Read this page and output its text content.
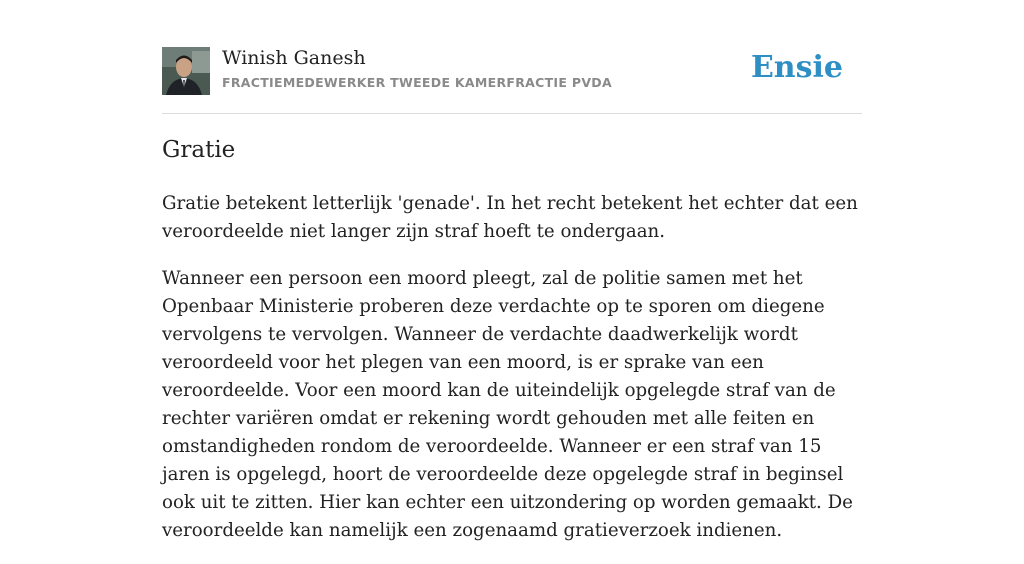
Winish Ganesh
FRACTIEMEDEWERKER TWEEDE KAMERFRACTIE PVDA	Ensie
Gratie

Gratie betekent letterlijk 'genade'. In het recht betekent het echter dat een veroordeelde niet langer zijn straf hoeft te ondergaan.

Wanneer een persoon een moord pleegt, zal de politie samen met het Openbaar Ministerie proberen deze verdachte op te sporen om diegene vervolgens te vervolgen. Wanneer de verdachte daadwerkelijk wordt veroordeeld voor het plegen van een moord, is er sprake van een veroordeelde. Voor een moord kan de uiteindelijk opgelegde straf van de rechter variëren omdat er rekening wordt gehouden met alle feiten en omstandigheden rondom de veroordeelde. Wanneer er een straf van 15 jaren is opgelegd, hoort de veroordeelde deze opgelegde straf in beginsel ook uit te zitten. Hier kan echter een uitzondering op worden gemaakt. De veroordeelde kan namelijk een zogenaamd gratieverzoek indienen.
